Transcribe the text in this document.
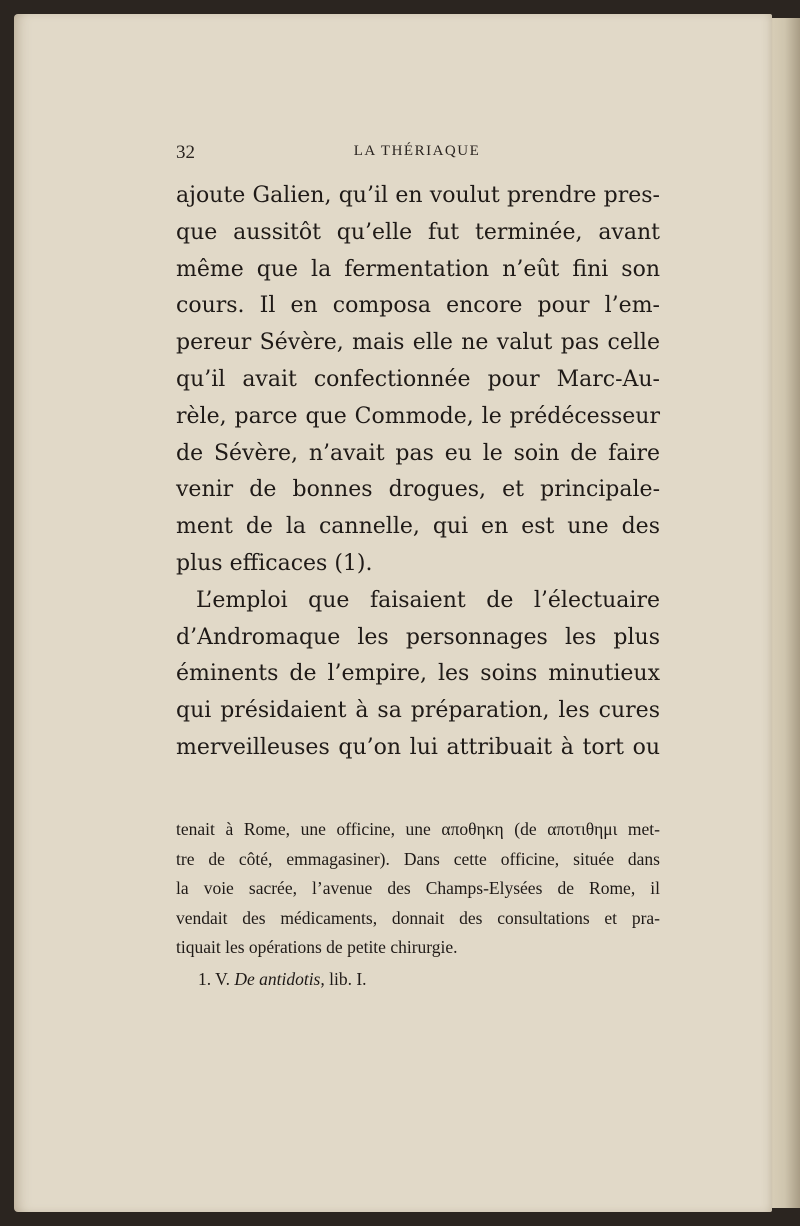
32	LA THÉRIAQUE
ajoute Galien, qu’il en voulut prendre pres-
que aussitôt qu’elle fut terminée, avant
même que la fermentation n’eût fini son
cours. Il en composa encore pour l’em-
pereur Sévère, mais elle ne valut pas celle
qu’il avait confectionnée pour Marc-Au-
rèle, parce que Commode, le prédécesseur
de Sévère, n’avait pas eu le soin de faire
venir de bonnes drogues, et principale-
ment de la cannelle, qui en est une des
plus efficaces (1).
L’emploi que faisaient de l’électuaire
d’Andromaque les personnages les plus
éminents de l’empire, les soins minutieux
qui présidaient à sa préparation, les cures
merveilleuses qu’on lui attribuait à tort ou
tenait à Rome, une officine, une αποθηκη (de αποτιθημι met-
tre de côté, emmagasiner). Dans cette officine, située dans
la voie sacrée, l’avenue des Champs-Elysées de Rome, il
vendait des médicaments, donnait des consultations et pra-
tiquait les opérations de petite chirurgie.
1. V. De antidotis, lib. I.
